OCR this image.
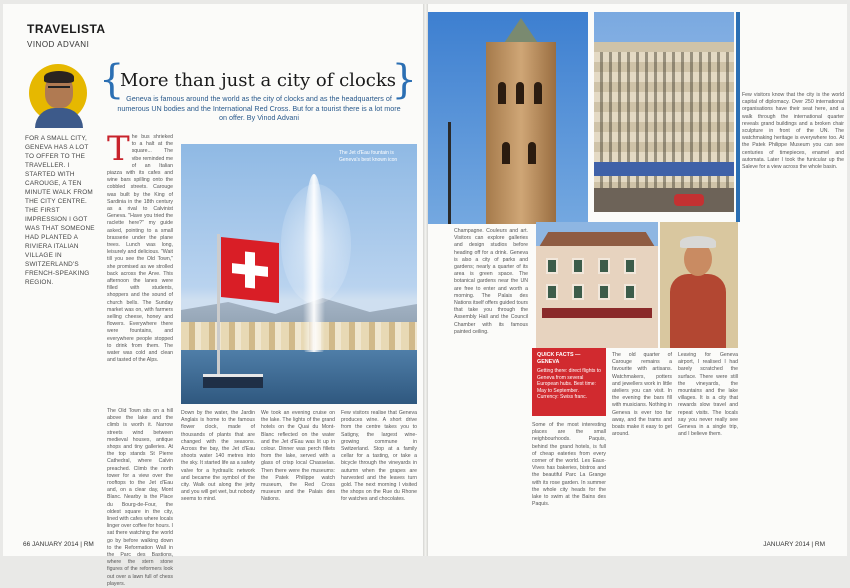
TRAVELISTA
VINOD ADVANI
{
More than just a city of clocks
}
Geneva is famous around the world as the city of clocks and as the headquarters of numerous UN bodies and the International Red Cross. But for a tourist there is a lot more on offer. By Vinod Advani
FOR A SMALL CITY, GENEVA HAS A LOT TO OFFER TO THE TRAVELLER. I STARTED WITH CAROUGE, A TEN MINUTE WALK FROM THE CITY CENTRE. THE FIRST IMPRESSION I GOT WAS THAT SOMEONE HAD PLANTED A RIVIERA ITALIAN VILLAGE IN SWITZERLAND'S FRENCH-SPEAKING REGION.
T he bus shrieked to a halt at the square... The vibe reminded me of an Italian piazza with its cafes and wine bars spilling onto the cobbled streets. Carouge was built by the King of Sardinia in the 18th century as a rival to Calvinist Geneva. "Have you tried the raclette here?" my guide asked, pointing to a small brasserie under the plane trees. Lunch was long, leisurely and delicious. "Wait till you see the Old Town," she promised as we strolled back across the Arve. This afternoon the lanes were filled with students, shoppers and the sound of church bells. The Sunday market was on, with farmers selling cheese, honey and flowers. Everywhere there were fountains, and everywhere people stopped to drink from them. The water was cold and clean and tasted of the Alps.
The Jet d'Eau fountain is Geneva's best known icon
The Old Town sits on a hill above the lake and the climb is worth it. Narrow streets wind between medieval houses, antique shops and tiny galleries. At the top stands St Pierre Cathedral, where Calvin preached. Climb the north tower for a view over the rooftops to the Jet d'Eau and, on a clear day, Mont Blanc. Nearby is the Place du Bourg-de-Four, the oldest square in the city, lined with cafes where locals linger over coffee for hours. I sat there watching the world go by before walking down to the Reformation Wall in the Parc des Bastions, where the stern stone figures of the reformers look out over a lawn full of chess players.
Down by the water, the Jardin Anglais is home to the famous flower clock, made of thousands of plants that are changed with the seasons. Across the bay, the Jet d'Eau shoots water 140 metres into the sky. It started life as a safety valve for a hydraulic network and became the symbol of the city. Walk out along the jetty and you will get wet, but nobody seems to mind.
We took an evening cruise on the lake. The lights of the grand hotels on the Quai du Mont-Blanc reflected on the water and the Jet d'Eau was lit up in colour. Dinner was perch fillets from the lake, served with a glass of crisp local Chasselas. Then there were the museums: the Patek Philippe watch museum, the Red Cross museum and the Palais des Nations.
Few visitors realise that Geneva produces wine. A short drive from the centre takes you to Satigny, the largest wine-growing commune in Switzerland. Stop at a family cellar for a tasting, or take a bicycle through the vineyards in autumn when the grapes are harvested and the leaves turn gold. The next morning I visited the shops on the Rue du Rhone for watches and chocolates.
66 JANUARY 2014 | RM
Few visitors know that the city is the world capital of diplomacy. Over 250 international organisations have their seat here, and a walk through the international quarter reveals grand buildings and a broken chair sculpture in front of the UN. The watchmaking heritage is everywhere too. At the Patek Philippe Museum you can see centuries of timepieces, enamel and automata. Later I took the funicular up the Saleve for a view across the whole basin.
Champagne. Couleurs and art. Visitors can explore galleries and design studios before heading off for a drink. Geneva is also a city of parks and gardens; nearly a quarter of its area is green space. The botanical gardens near the UN are free to enter and worth a morning. The Palais des Nations itself offers guided tours that take you through the Assembly Hall and the Council Chamber with its famous painted ceiling.
QUICK FACTS — GENEVA
Getting there: direct flights to Geneva from several European hubs. Best time: May to September. Currency: Swiss franc.
Some of the most interesting places are the small neighbourhoods. Paquis, behind the grand hotels, is full of cheap eateries from every corner of the world. Les Eaux-Vives has bakeries, bistros and the beautiful Parc La Grange with its rose garden. In summer the whole city heads for the lake to swim at the Bains des Paquis.
The old quarter of Carouge remains a favourite with artisans. Watchmakers, potters and jewellers work in little ateliers you can visit. In the evening the bars fill with musicians. Nothing in Geneva is ever too far away, and the trams and boats make it easy to get around.
Leaving for Geneva airport, I realised I had barely scratched the surface. There were still the vineyards, the mountains and the lake villages. It is a city that rewards slow travel and repeat visits. The locals say you never really see Geneva in a single trip, and I believe them.
JANUARY 2014 | RM
